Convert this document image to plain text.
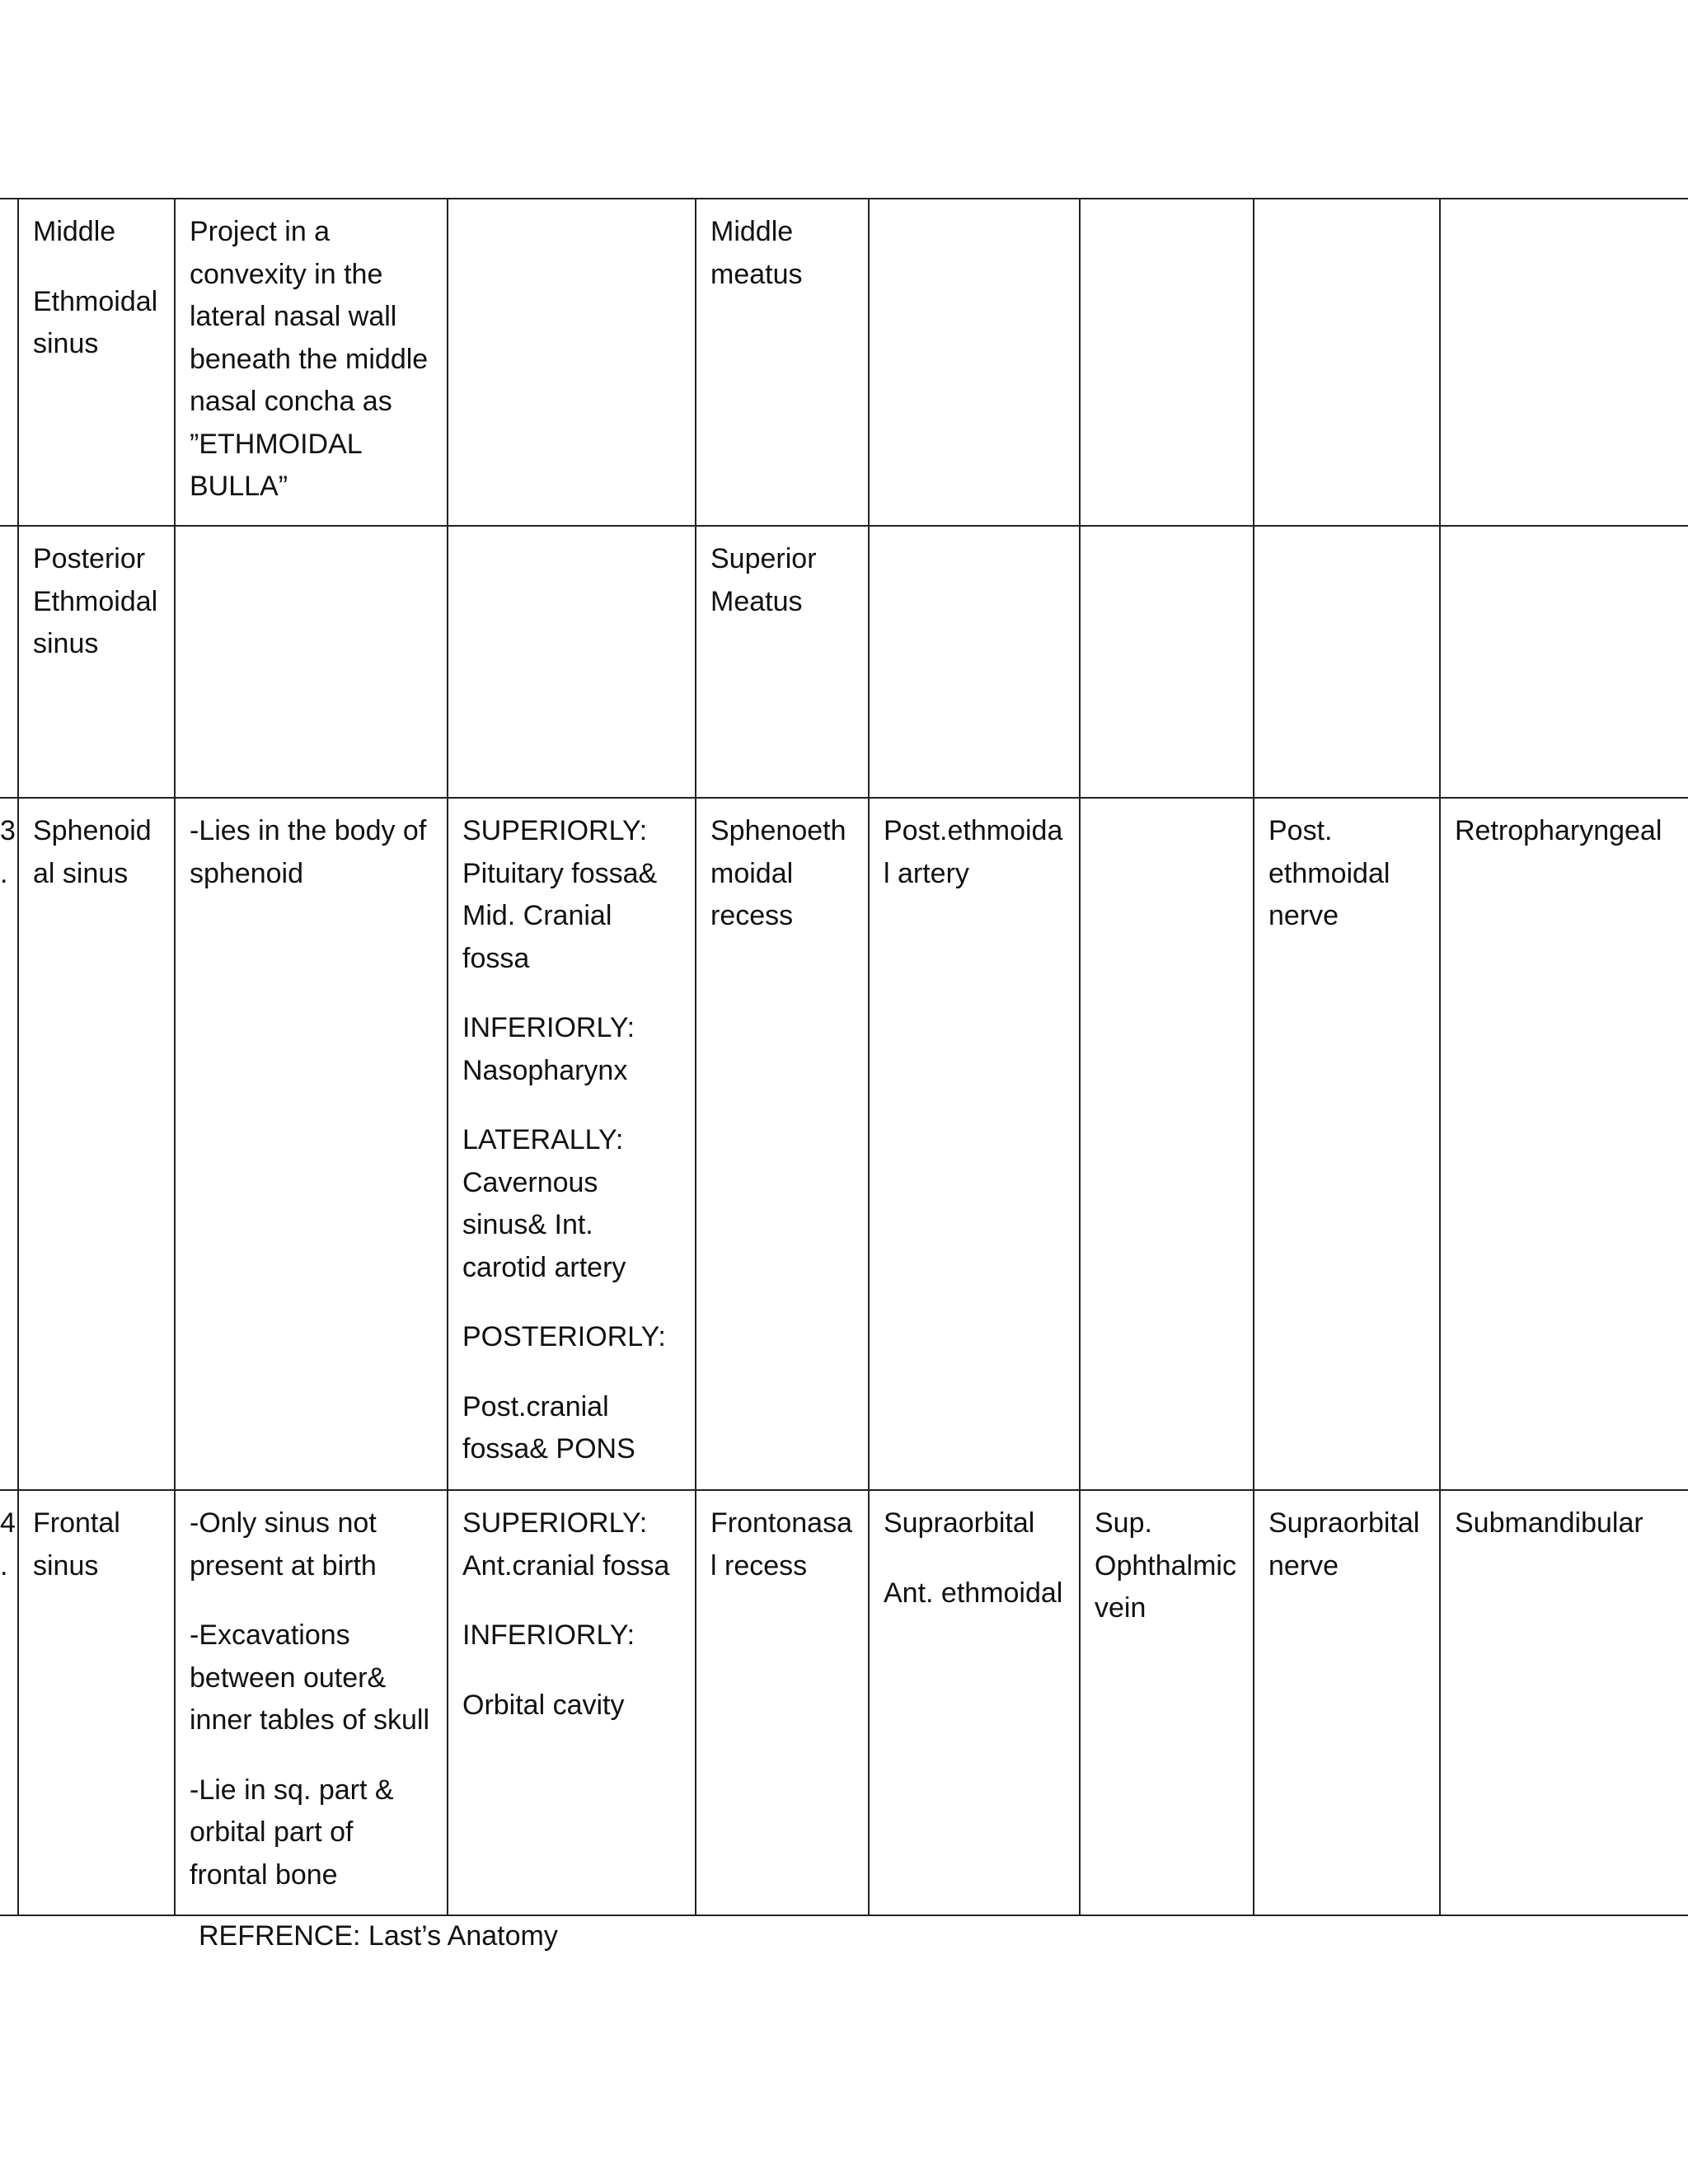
	Middle
Ethmoidal sinus	Project in a convexity in the lateral nasal wall beneath the middle nasal concha as ”ETHMOIDAL BULLA”		Middle meatus				

	Posterior Ethmoidal sinus			Superior Meatus				

3.	Sphenoidal sinus	-Lies in the body of sphenoid	SUPERIORLY: Pituitary fossa& Mid. Cranial fossa
INFERIORLY: Nasopharynx
LATERALLY: Cavernous sinus& Int. carotid artery
POSTERIORLY:
Post.cranial fossa& PONS	Sphenoethmoidal recess	Post.ethmoidal artery		Post. ethmoidal nerve	Retropharyngeal

4.	Frontal sinus	-Only sinus not present at birth
-Excavations between outer& inner tables of skull
-Lie in sq. part & orbital part of frontal bone	SUPERIORLY: Ant.cranial fossa
INFERIORLY:
Orbital cavity	Frontonasal recess	Supraorbital
Ant. ethmoidal	Sup. Ophthalmic vein	Supraorbital nerve	Submandibular
REFRENCE: Last’s Anatomy
